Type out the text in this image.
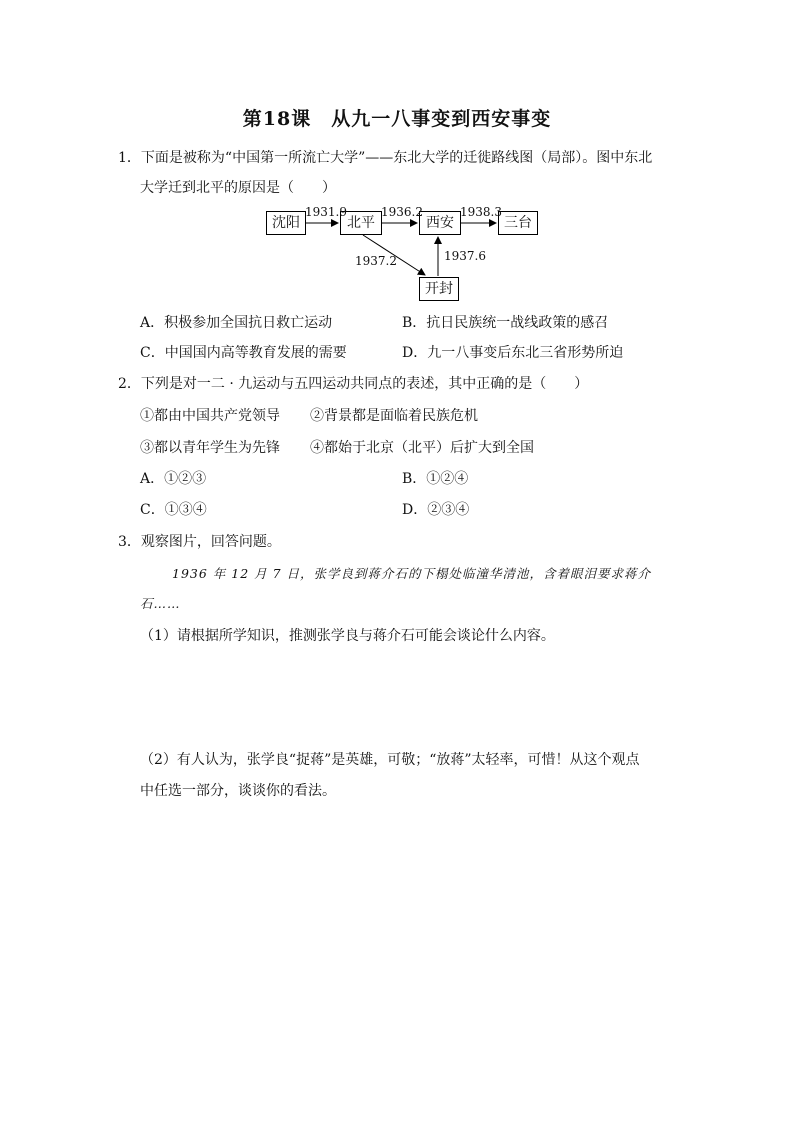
第18课　从九一八事变到西安事变
1．下面是被称为“中国第一所流亡大学”——东北大学的迁徙路线图（局部）。图中东北
大学迁到北平的原因是（　　）
沈阳	北平	西安	三台
开封
1931.9	1936.2	1938.3
1937.2	1937.6
A．积极参加全国抗日救亡运动	B．抗日民族统一战线政策的感召
C．中国国内高等教育发展的需要	D．九一八事变后东北三省形势所迫
2．下列是对一二 · 九运动与五四运动共同点的表述，其中正确的是（　　）
①都由中国共产党领导 ②背景都是面临着民族危机
③都以青年学生为先锋 ④都始于北京（北平）后扩大到全国
A．①②③	B．①②④
C．①③④	D．②③④
3．观察图片，回答问题。
1936 年 12 月 7 日，张学良到蒋介石的下榻处临潼华清池，含着眼泪要求蒋介
石……
（1）请根据所学知识，推测张学良与蒋介石可能会谈论什么内容。
（2）有人认为，张学良“捉蒋”是英雄，可敬；“放蒋”太轻率，可惜！从这个观点
中任选一部分，谈谈你的看法。
